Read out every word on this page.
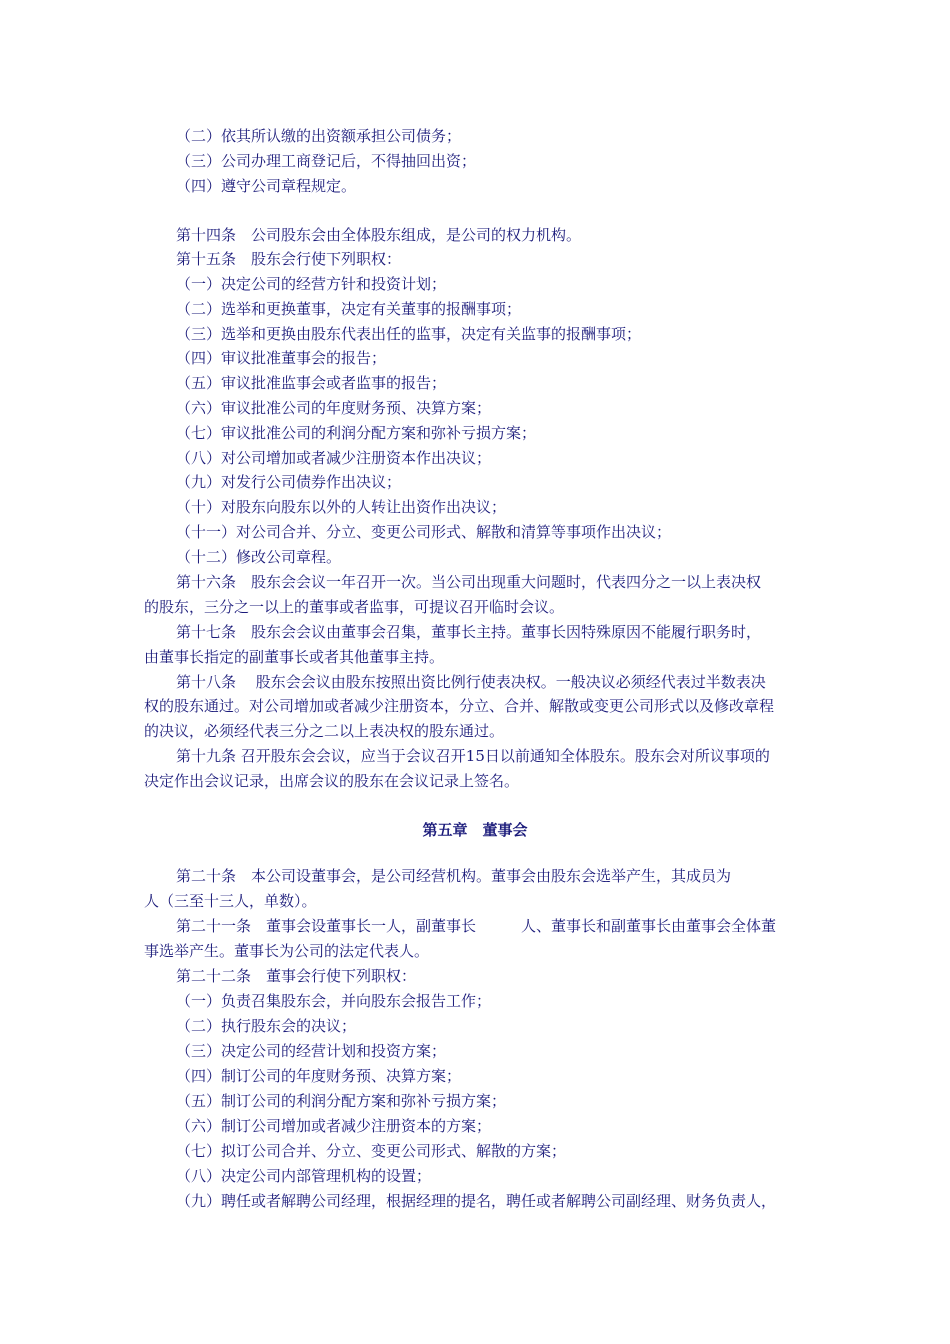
（二）依其所认缴的出资额承担公司债务；
（三）公司办理工商登记后，不得抽回出资；
（四）遵守公司章程规定。
第十四条　公司股东会由全体股东组成，是公司的权力机构。
第十五条　股东会行使下列职权：
（一）决定公司的经营方针和投资计划；
（二）选举和更换董事，决定有关董事的报酬事项；
（三）选举和更换由股东代表出任的监事，决定有关监事的报酬事项；
（四）审议批准董事会的报告；
（五）审议批准监事会或者监事的报告；
（六）审议批准公司的年度财务预、决算方案；
（七）审议批准公司的利润分配方案和弥补亏损方案；
（八）对公司增加或者减少注册资本作出决议；
（九）对发行公司债券作出决议；
（十）对股东向股东以外的人转让出资作出决议；
（十一）对公司合并、分立、变更公司形式、解散和清算等事项作出决议；
（十二）修改公司章程。
第十六条　股东会会议一年召开一次。当公司出现重大问题时，代表四分之一以上表决权
的股东，三分之一以上的董事或者监事，可提议召开临时会议。
第十七条　股东会会议由董事会召集，董事长主持。董事长因特殊原因不能履行职务时，
由董事长指定的副董事长或者其他董事主持。
第十八条　 股东会会议由股东按照出资比例行使表决权。一般决议必须经代表过半数表决
权的股东通过。对公司增加或者减少注册资本，分立、合并、解散或变更公司形式以及修改章程
的决议，必须经代表三分之二以上表决权的股东通过。
第十九条 召开股东会会议，应当于会议召开15日以前通知全体股东。股东会对所议事项的
决定作出会议记录，出席会议的股东在会议记录上签名。
第五章　董事会
第二十条　本公司设董事会，是公司经营机构。董事会由股东会选举产生，其成员为
人（三至十三人，单数）。
第二十一条　董事会设董事长一人，副董事长　　　人、董事长和副董事长由董事会全体董
事选举产生。董事长为公司的法定代表人。
第二十二条　董事会行使下列职权：
（一）负责召集股东会，并向股东会报告工作；
（二）执行股东会的决议；
（三）决定公司的经营计划和投资方案；
（四）制订公司的年度财务预、决算方案；
（五）制订公司的利润分配方案和弥补亏损方案；
（六）制订公司增加或者减少注册资本的方案；
（七）拟订公司合并、分立、变更公司形式、解散的方案；
（八）决定公司内部管理机构的设置；
（九）聘任或者解聘公司经理，根据经理的提名，聘任或者解聘公司副经理、财务负责人，
